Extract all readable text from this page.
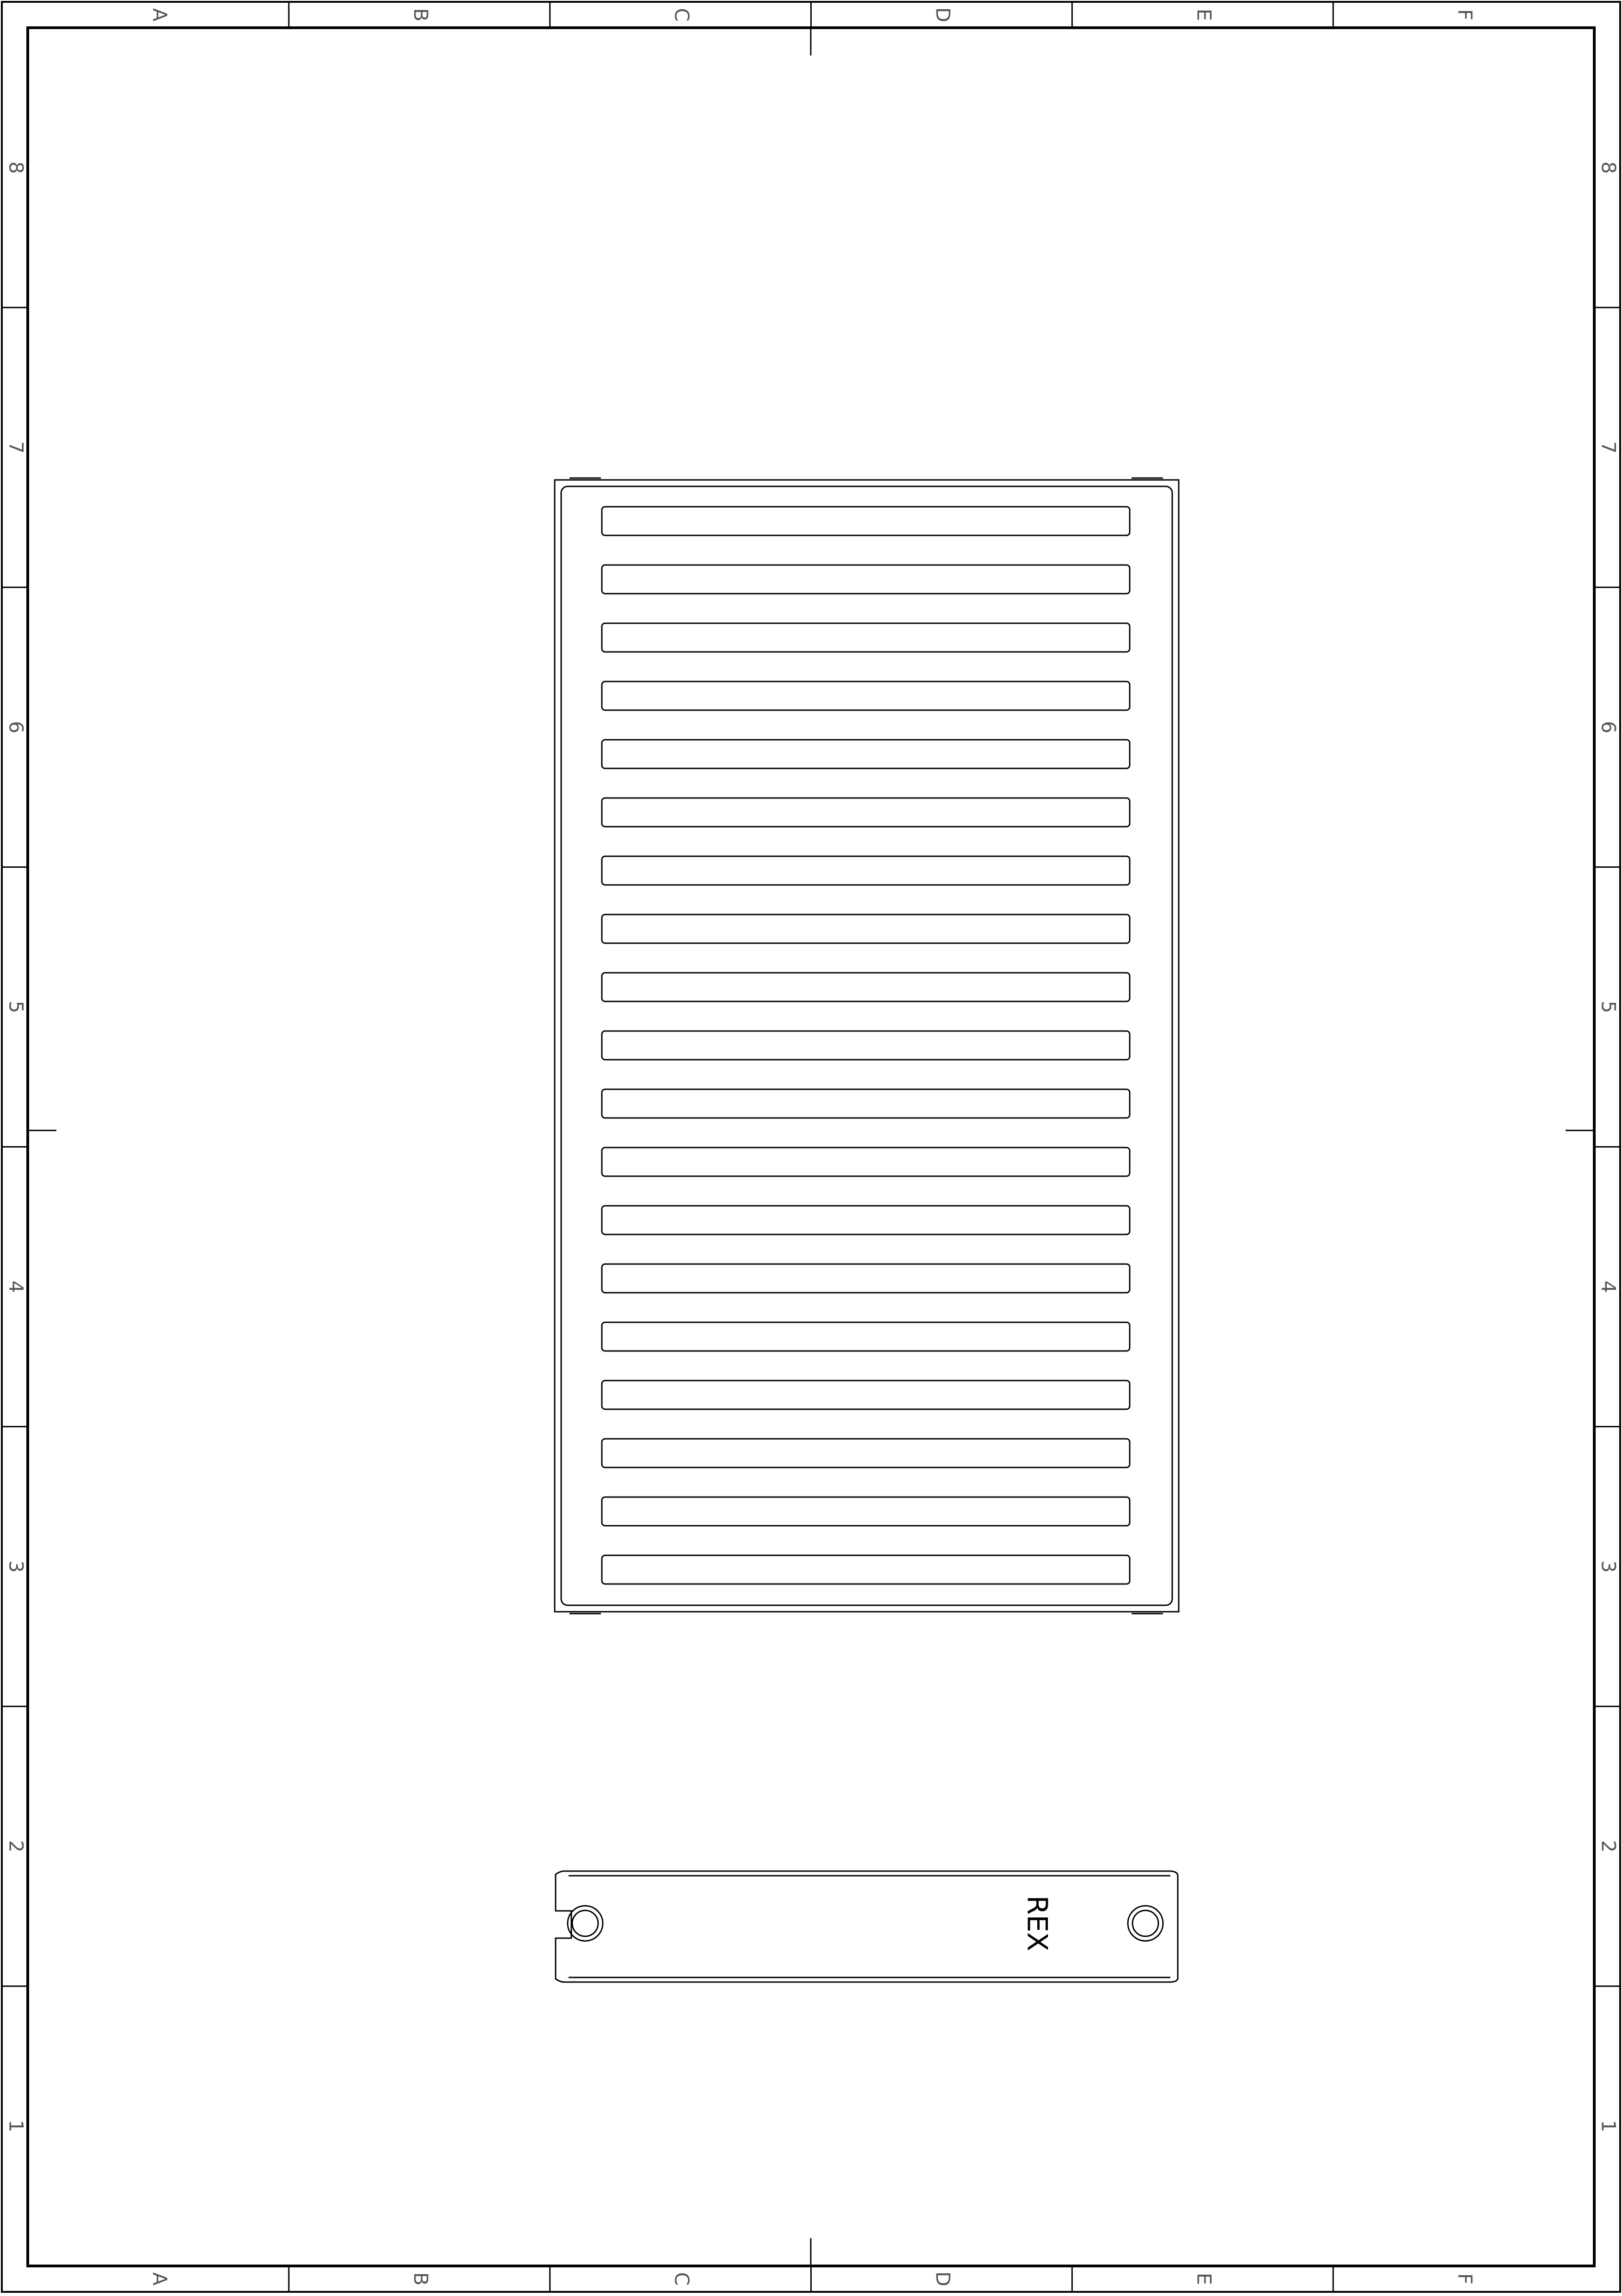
A
A
B
B
C
C
D
D
E
E
F
F
8	8
7	7
6	6
5	5
4	4
3	3
2	2
1	1
REX
